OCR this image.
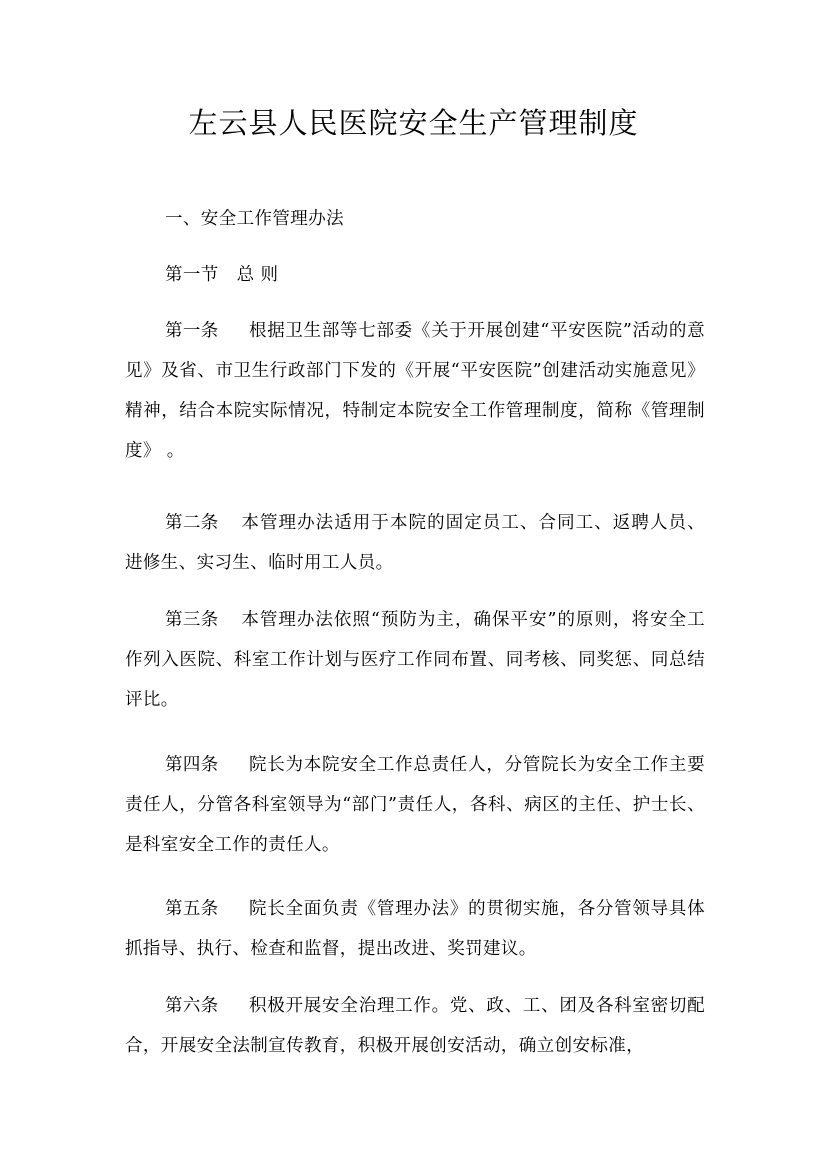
左云县人民医院安全生产管理制度

一、安全工作管理办法

第一节　总 则

第一条 根据卫生部等七部委《关于开展创建“平安医院”活动的意见》及省、市卫生行政部门下发的《开展“平安医院”创建活动实施意见》精神，结合本院实际情况，特制定本院安全工作管理制度，简称《管理制度》 。

第二条 本管理办法适用于本院的固定员工、合同工、返聘人员、进修生、实习生、临时用工人员。

第三条 本管理办法依照“预防为主，确保平安”的原则，将安全工作列入医院、科室工作计划与医疗工作同布置、同考核、同奖惩、同总结评比。

第四条 院长为本院安全工作总责任人，分管院长为安全工作主要责任人，分管各科室领导为“部门”责任人，各科、病区的主任、护士长、是科室安全工作的责任人。

第五条 院长全面负责《管理办法》的贯彻实施，各分管领导具体抓指导、执行、检查和监督，提出改进、奖罚建议。

第六条 积极开展安全治理工作。党、政、工、团及各科室密切配合，开展安全法制宣传教育，积极开展创安活动，确立创安标准，
